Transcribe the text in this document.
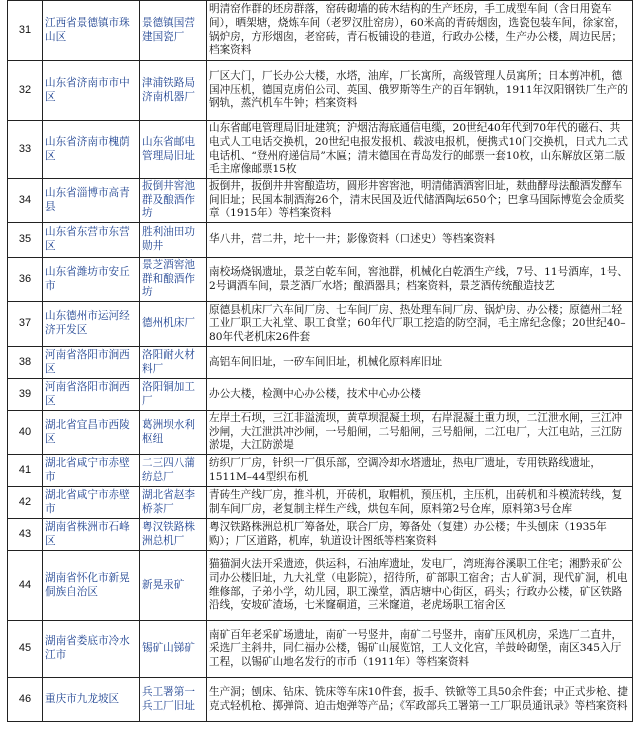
31	江西省景德镇市珠山区	景德镇国营建国瓷厂	明清窑作群的坯房群落，窑砖砌墙的砖木结构的生产坯房，手工成型车间（含日用瓷车间），晒架塘，烧炼车间（老罗汉肚窑房），60米高的青砖烟囱，选瓷包装车间，徐家窑，锅炉房，方形烟囱，老窑砖，青石板铺设的巷道，行政办公楼，生产办公楼，周边民居；档案资料
32	山东省济南市市中区	津浦铁路局济南机器厂	厂区大门，厂长办公大楼，水塔，油库，厂长寓所，高级管理人员寓所；日本剪冲机，德国冲压机，德国克虏伯公司、英国、俄罗斯等生产的百年钢轨，1911年汉阳钢铁厂生产的钢轨，蒸汽机车牛钟；档案资料
33	山东省济南市槐荫区	山东省邮电管理局旧址	山东省邮电管理局旧址建筑；沪烟沽海底通信电缆，20世纪40年代到70年代的磁石、共电式人工电话交换机，20世纪电报发报机、载波电报机，便携式10门交换机，日式九二式电话机、“登州府递信局”木匾；清末德国在青岛发行的邮票一套10枚，山东解放区第二版毛主席像邮票15枚
34	山东省淄博市高青县	扳倒井窖池群及酿酒作坊	扳倒井，扳倒井井窖酿造坊，圆形井窖窖池，明清储酒酒窖旧址，麸曲酵母法酿酒发酵车间旧址；民国本制酒海26个，清末民国及近代储酒陶坛650个；巴拿马国际博览会金质奖章（1915年）等档案资料
35	山东省东营市东营区	胜利油田功勋井	华八井，营二井，坨十一井；影像资料（口述史）等档案资料
36	山东省潍坊市安丘市	景芝酒窖池群和酿酒作坊	南校场烧锅遗址，景芝白乾车间，窖池群，机械化白乾酒生产线，7号、11号酒库，1号、2号调酒车间，景芝酒厂水塔；酿酒器具；档案资料，景芝酒传统酿造技艺
37	山东德州市运河经济开发区	德州机床厂	原德县机床厂六车间厂房、七车间厂房、热处理车间厂房、锅炉房、办公楼；原德州二轻工业厂职工大礼堂、职工食堂；60年代厂职工挖造的防空洞，毛主席纪念像；20世纪40–80年代老机床26件套
38	河南省洛阳市涧西区	洛阳耐火材料厂	高铝车间旧址，一矽车间旧址，机械化原料库旧址
39	河南省洛阳市涧西区	洛阳铜加工厂	办公大楼，检测中心办公楼，技术中心办公楼
40	湖北省宜昌市西陵区	葛洲坝水利枢纽	左岸土石坝，三江非溢流坝，黄草坝混凝土坝，右岸混凝土重力坝，二江泄水闸，三江冲沙闸，大江泄洪冲沙闸，一号船闸，二号船闸，三号船闸，二江电厂，大江电站，三江防淤堤，大江防淤堤
41	湖北省咸宁市赤壁市	二三四八蒲纺总厂	纺织厂厂房，针织一厂俱乐部，空调冷却水塔遗址，热电厂遗址，专用铁路线遗址，1511M–44型织布机
42	湖北省咸宁市赤壁市	湖北省赵李桥茶厂	青砖生产线厂房，推斗机，开砖机，取帽机，预压机，主压机，出砖机和斗模流转线，复制车间厂房，老复制主样生产线，烘包车间，原料第2号仓库，原料第3号仓库
43	湖南省株洲市石峰区	粤汉铁路株洲总机厂	粤汉铁路株洲总机厂筹备处，联合厂房，筹备处（复建）办公楼；牛头刨床（1935年购）；厂区道路，机库，轨道设计图纸等档案资料
44	湖南省怀化市新晃侗族自治区	新晃汞矿	猫猫洞火法开采遗迹，供运科，石油库遗址，发电厂，湾班海谷溪职工住宅；湘黔汞矿公司办公楼旧址，九大礼堂（电影院），招待所，矿部职工宿舍；古人矿洞，现代矿洞，机电维修部，子弟小学，幼儿园，职工澡堂，酒店塘中心街区，码头；行政办公楼，矿区铁路沿线，安坡矿渣场，七米窿硐道，三米窿道，老虎场职工宿舍区
45	湖南省娄底市冷水江市	锡矿山锑矿	南矿百年老采矿场遗址，南矿一号竖井，南矿二号竖井，南矿压风机房，采选厂二直井，采选厂主斜井，同仁福办公楼，锡矿山展览馆，工人文化宫，羊鼓岭砌堡，南区345入厅工程，以锡矿山地名发行的市币（1911年）等档案资料
46	重庆市九龙坡区	兵工署第一兵工厂旧址	生产洞；刨床、钻床、铣床等车床10件套，扳手、铁锨等工具50余件套；中正式步枪、捷克式轻机枪、掷弹筒、迫击炮弹等产品；《军政部兵工署第一工厂职员通讯录》等档案资料
